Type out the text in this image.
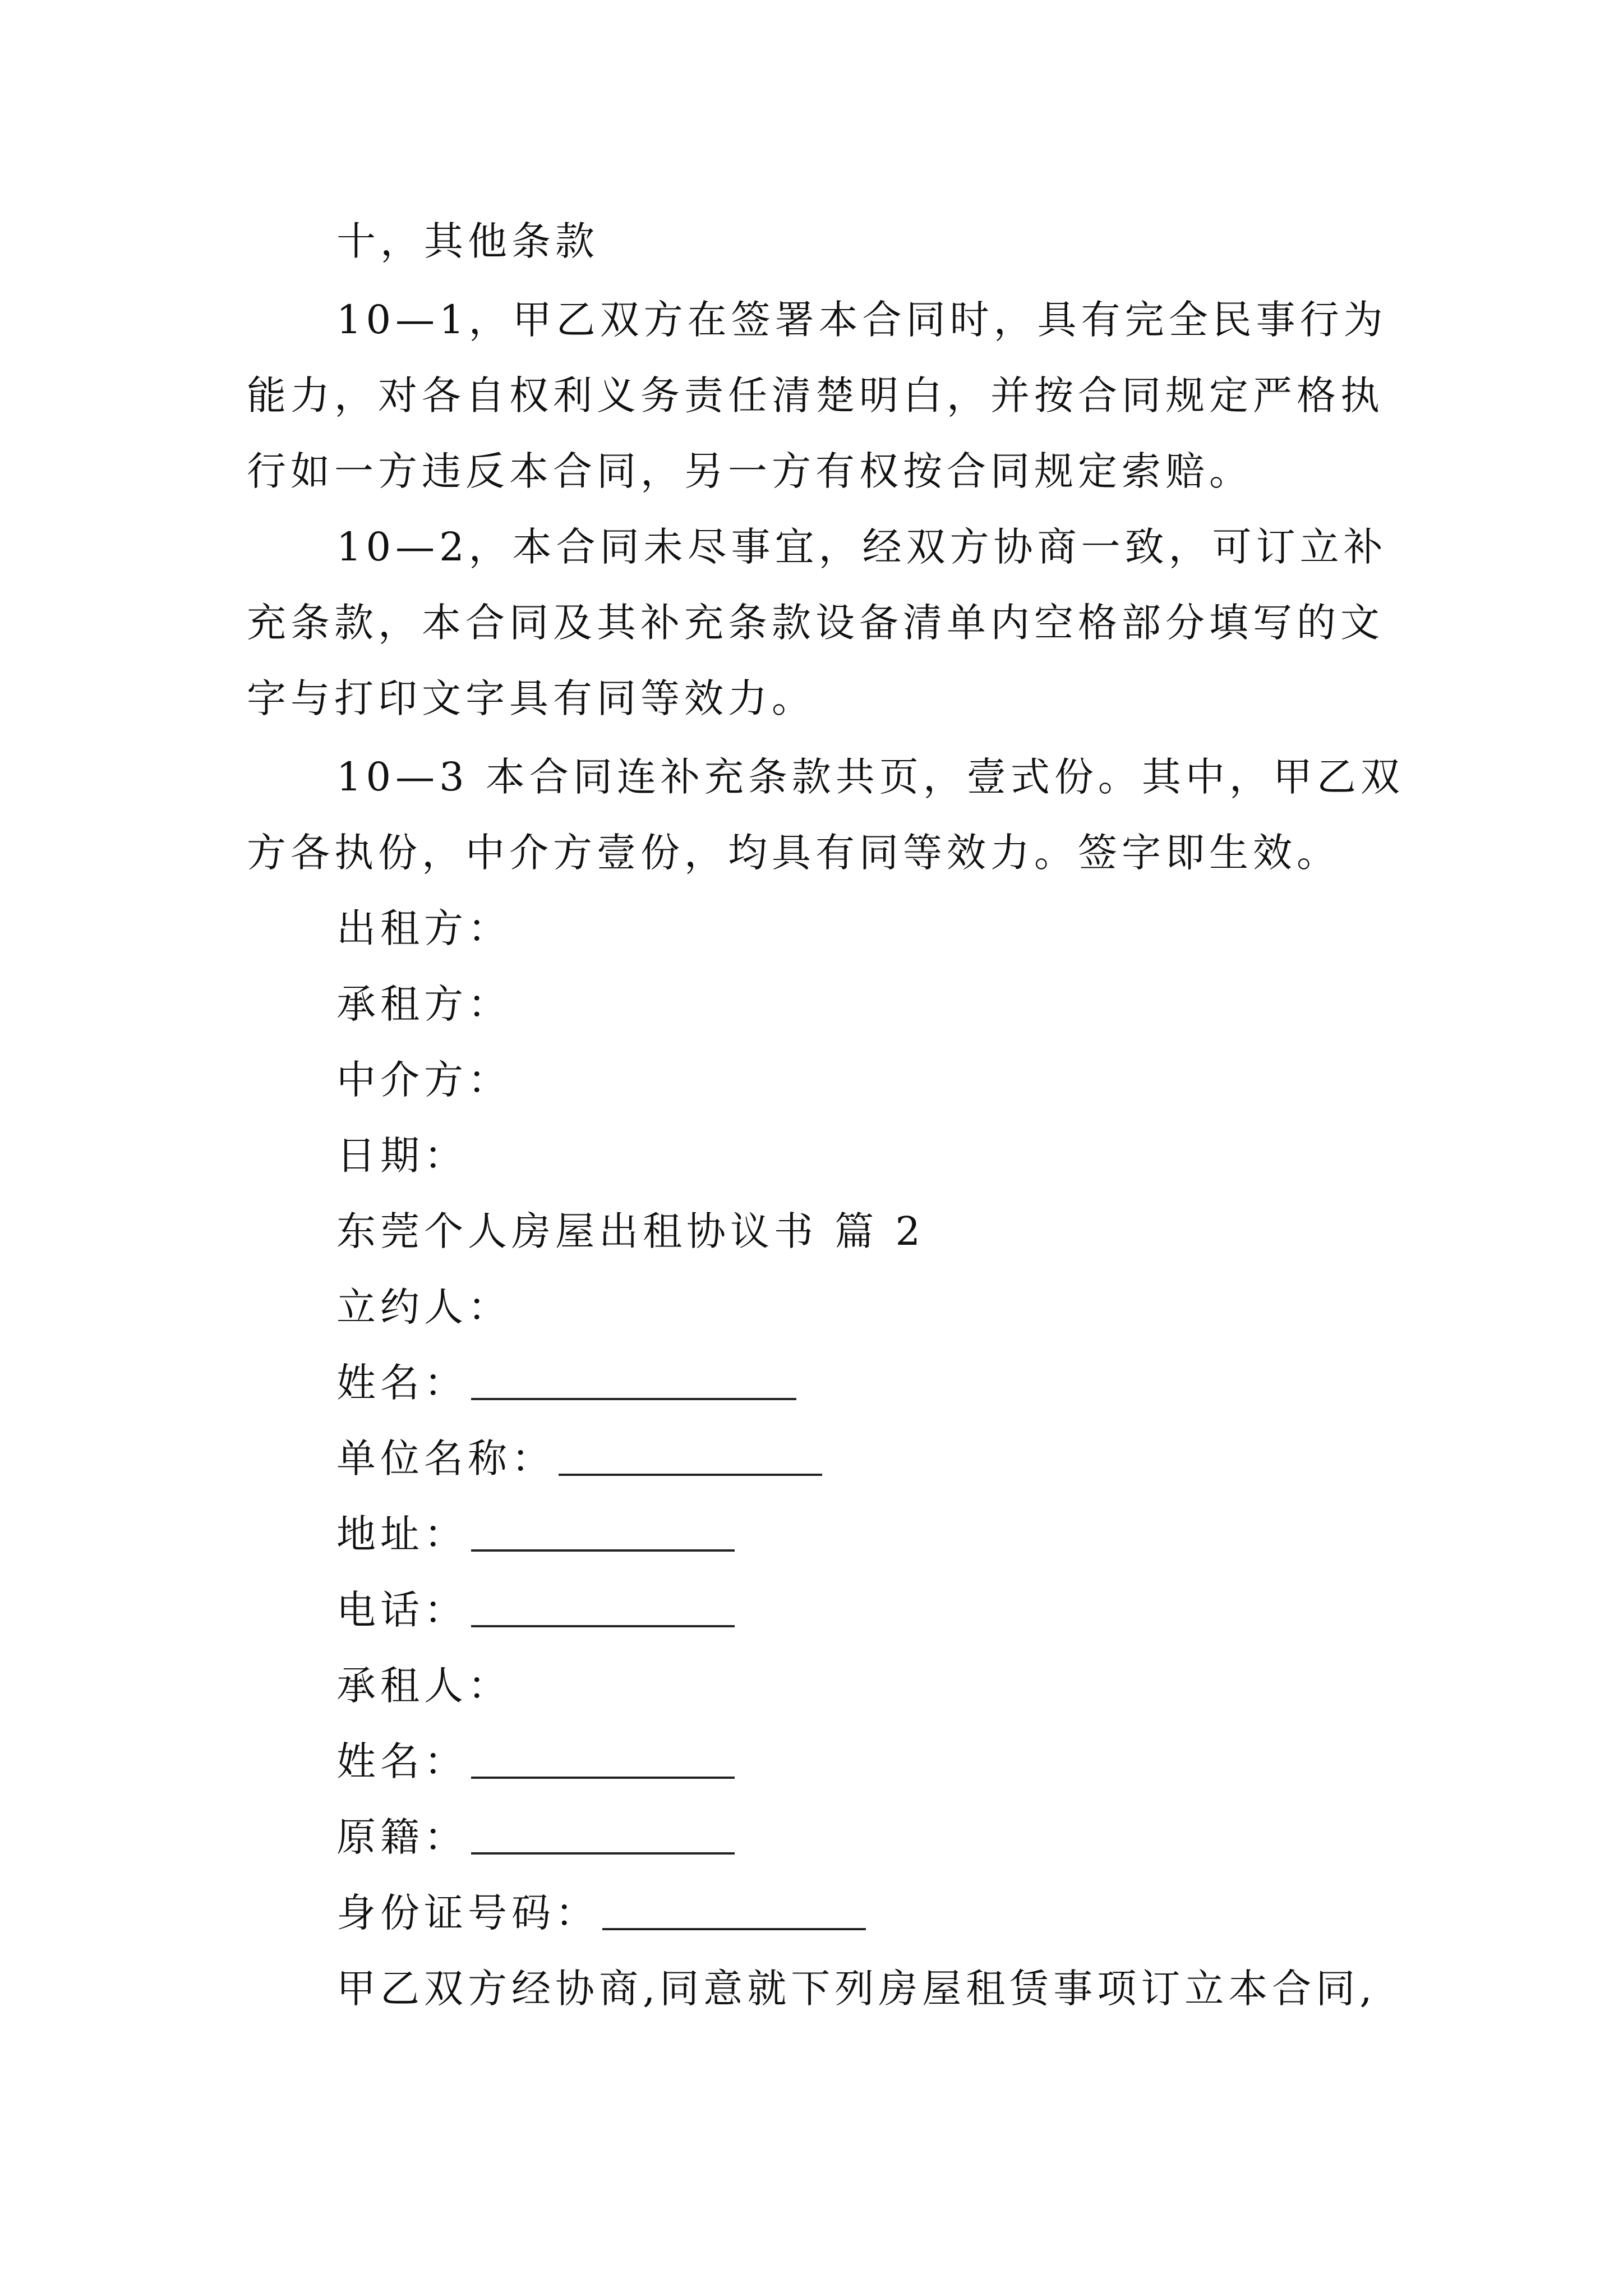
十，其他条款
10—1，甲乙双方在签署本合同时，具有完全民事行为
能力，对各自权利义务责任清楚明白，并按合同规定严格执
行如一方违反本合同，另一方有权按合同规定索赔。
10—2，本合同未尽事宜，经双方协商一致，可订立补
充条款，本合同及其补充条款设备清单内空格部分填写的文
字与打印文字具有同等效力。
10—3 本合同连补充条款共页，壹式份。其中，甲乙双
方各执份，中介方壹份，均具有同等效力。签字即生效。
出租方：
承租方：
中介方：
日期：
东莞个人房屋出租协议书 篇 2
立约人：
姓名：
单位名称：
地址：
电话：
承租人：
姓名：
原籍：
身份证号码：
甲乙双方经协商,同意就下列房屋租赁事项订立本合同,
